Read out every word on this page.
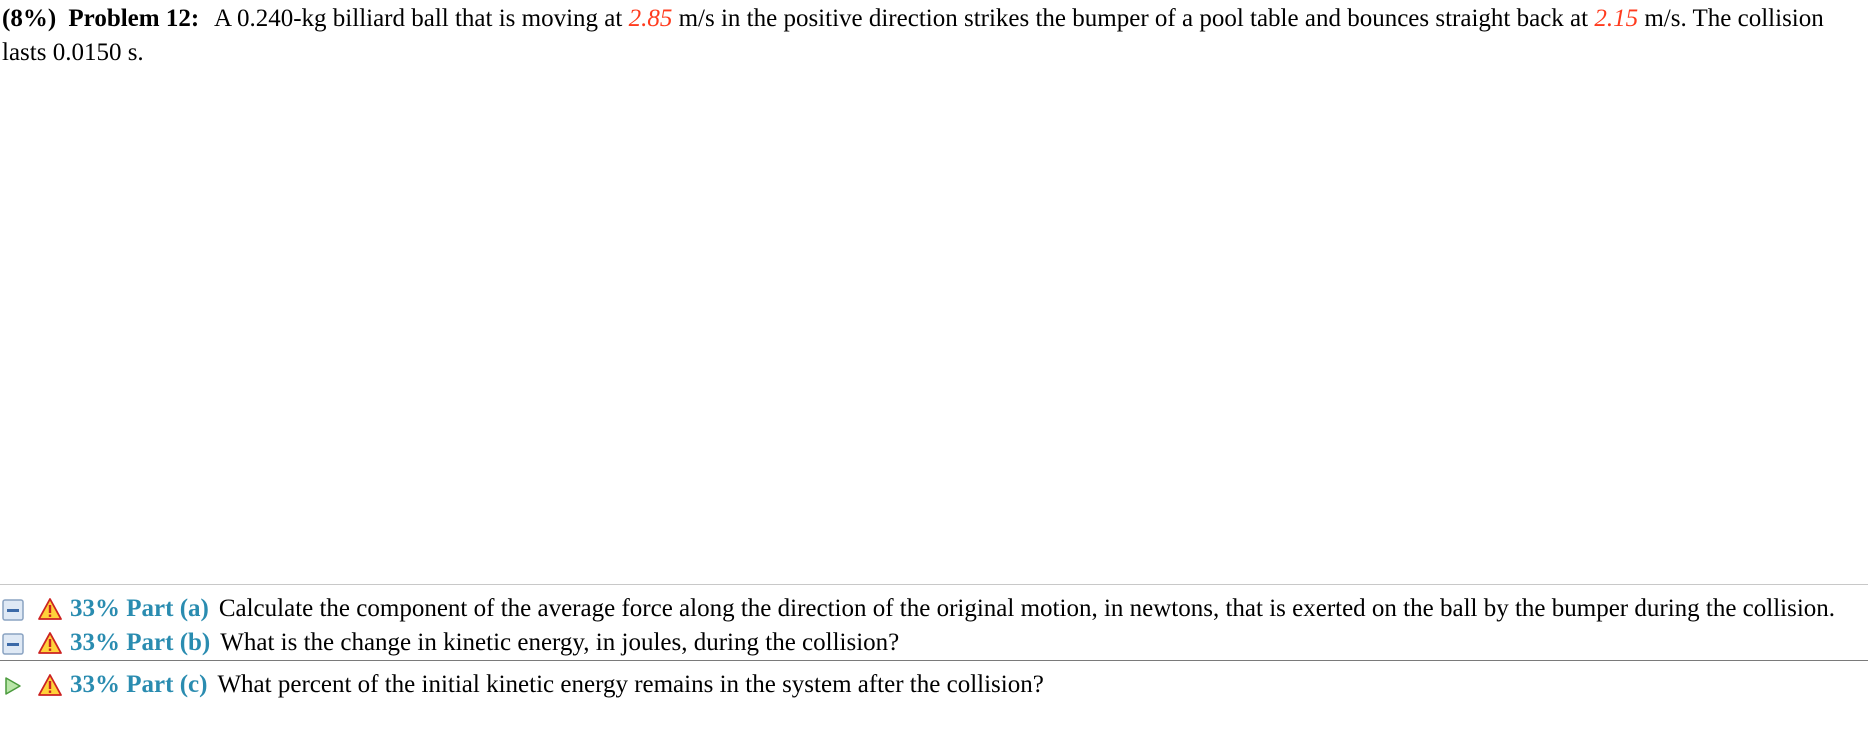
(8%) Problem 12: A 0.240-kg billiard ball that is moving at 2.85 m/s in the positive direction strikes the bumper of a pool table and bounces straight back at 2.15 m/s. The collision lasts 0.0150 s.
33% Part (a) Calculate the component of the average force along the direction of the original motion, in newtons, that is exerted on the ball by the bumper during the collision.
33% Part (b) What is the change in kinetic energy, in joules, during the collision?
33% Part (c) What percent of the initial kinetic energy remains in the system after the collision?
